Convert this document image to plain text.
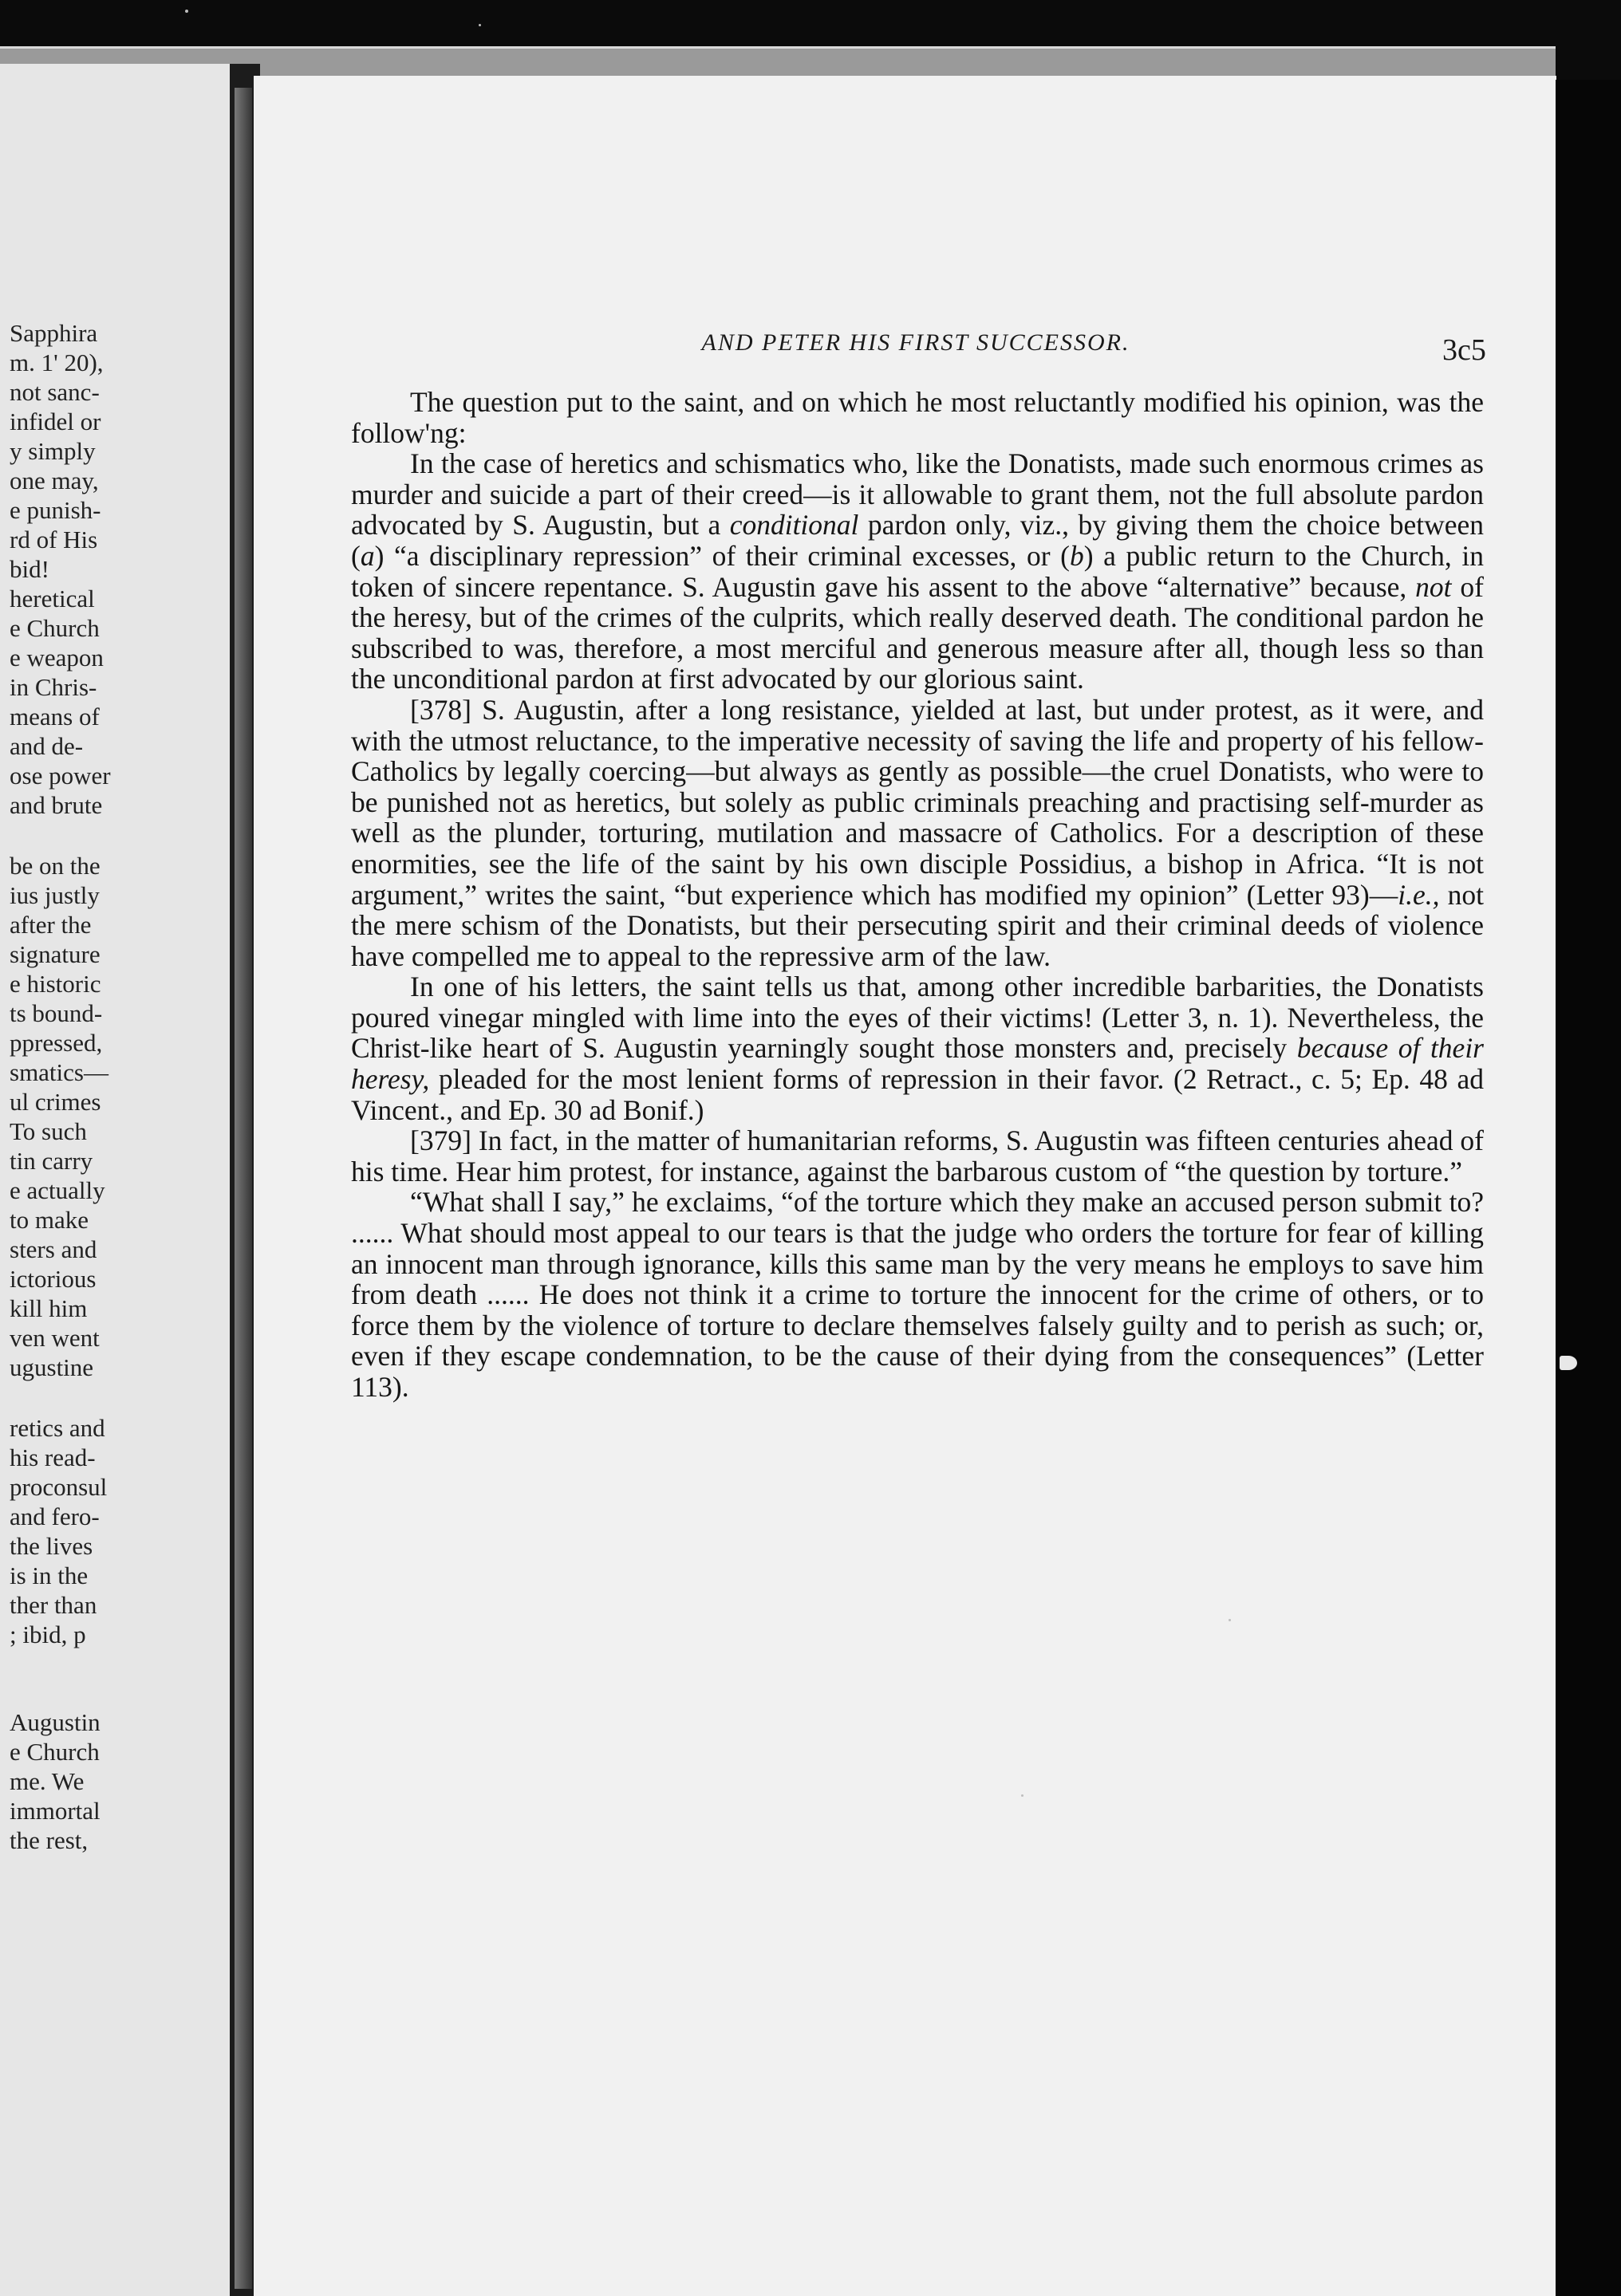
Sapphira
m. 1' 20),
not sanc-
infidel or
y simply
one may,
e punish-
rd of His
bid!
heretical
e Church
e weapon
in Chris-
means of
and de-
ose power
and brute
be on the
ius justly
after the
signature
e historic
ts bound-
ppressed,
smatics—
ul crimes
To such
tin carry
e actually
to make
sters and
ictorious
kill him
ven went
ugustine
retics and
his read-
proconsul
and fero-
the lives
is in the
ther than
; ibid, p
Augustin
e Church
me. We
immortal
the rest,
AND PETER HIS FIRST SUCCESSOR.	3c5

The question put to the saint, and on which he most reluctantly modified his opinion, was the follow'ng:

In the case of heretics and schismatics who, like the Donatists, made such enormous crimes as murder and suicide a part of their creed—is it allowable to grant them, not the full absolute pardon advocated by S. Augustin, but a conditional pardon only, viz., by giving them the choice between (a) “a disciplinary repression” of their criminal excesses, or (b) a public return to the Church, in token of sincere repentance. S. Augustin gave his assent to the above “alternative” because, not of the heresy, but of the crimes of the culprits, which really deserved death. The conditional pardon he subscribed to was, therefore, a most merciful and generous measure after all, though less so than the unconditional pardon at first advocated by our glorious saint.

[378] S. Augustin, after a long resistance, yielded at last, but under protest, as it were, and with the utmost reluctance, to the imperative necessity of saving the life and property of his fellow-Catholics by legally coercing—but always as gently as possible—the cruel Donatists, who were to be punished not as heretics, but solely as public criminals preaching and practising self-murder as well as the plunder, torturing, mutilation and massacre of Catholics. For a description of these enormities, see the life of the saint by his own disciple Possidius, a bishop in Africa. “It is not argument,” writes the saint, “but experience which has modified my opinion” (Letter 93)—i.e., not the mere schism of the Donatists, but their persecuting spirit and their criminal deeds of violence have compelled me to appeal to the repressive arm of the law.

In one of his letters, the saint tells us that, among other incredible barbarities, the Donatists poured vinegar mingled with lime into the eyes of their victims! (Letter 3, n. 1). Nevertheless, the Christ-like heart of S. Augustin yearningly sought those monsters and, precisely because of their heresy, pleaded for the most lenient forms of repression in their favor. (2 Retract., c. 5; Ep. 48 ad Vincent., and Ep. 30 ad Bonif.)

[379] In fact, in the matter of humanitarian reforms, S. Augustin was fifteen centuries ahead of his time. Hear him protest, for instance, against the barbarous custom of “the question by torture.”

“What shall I say,” he exclaims, “of the torture which they make an accused person submit to? ...... What should most appeal to our tears is that the judge who orders the torture for fear of killing an innocent man through ignorance, kills this same man by the very means he employs to save him from death ...... He does not think it a crime to torture the innocent for the crime of others, or to force them by the violence of torture to declare themselves falsely guilty and to perish as such; or, even if they escape condemnation, to be the cause of their dying from the consequences” (Letter 113).
